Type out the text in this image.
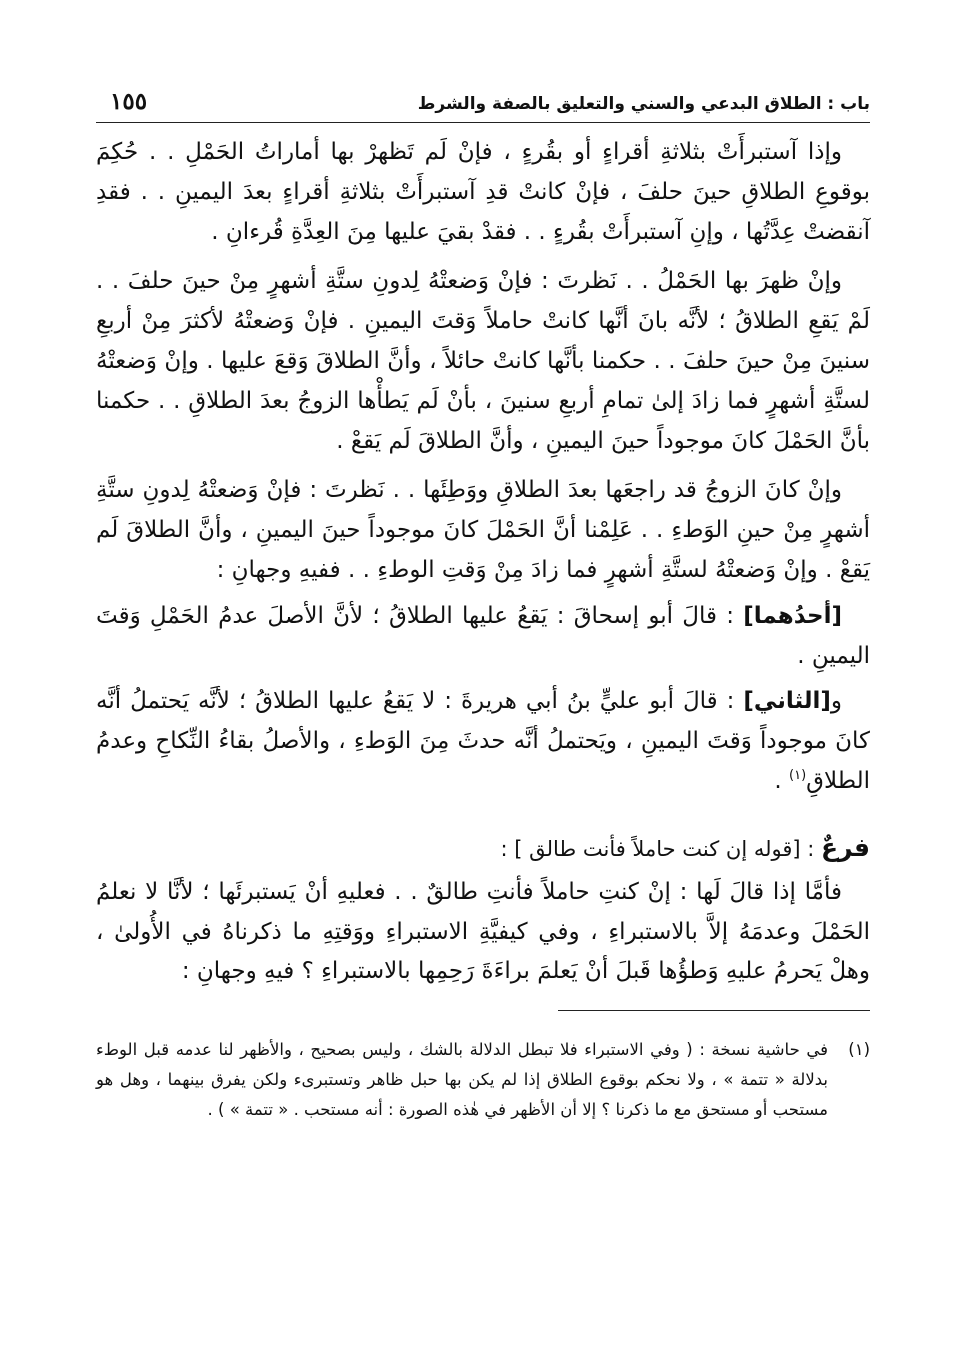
باب : الطلاق البدعي والسني والتعليق بالصفة والشرط
١٥٥

وإذا آستبرأَتْ بثلاثةِ أقراءٍ أو بقُرءٍ ، فإنْ لَم تَظهرْ بها أماراتُ الحَمْلِ . . حُكِمَ بوقوعِ الطلاقِ حينَ حلفَ ، فإنْ كانتْ قدِ آستبرأَتْ بثلاثةِ أقراءٍ بعدَ اليمينِ . . فقدِ آنقضتْ عِدَّتُها ، وإنِ آستبرأَتْ بقُرءٍ . . فقدْ بقيَ عليها مِنَ العِدَّةِ قُرءانِ .

وإنْ ظهرَ بها الحَمْلُ . . نَظرتَ : فإنْ وَضعتْهُ لِدونِ ستَّةِ أشهرٍ مِنْ حينَ حلفَ . . لَمْ يَقعِ الطلاقُ ؛ لأنَّه بانَ أنَّها كانتْ حاملاً وَقتَ اليمينِ . فإنْ وَضعتْهُ لأكثرَ مِنْ أربعِ سنينَ مِنْ حينَ حلفَ . . حكمنا بأنَّها كانتْ حائلاً ، وأنَّ الطلاقَ وَقعَ عليها . وإنْ وَضعتْهُ لستَّةِ أشهرٍ فما زادَ إلىٰ تمامِ أربعِ سنينَ ، بأنْ لَم يَطأْها الزوجُ بعدَ الطلاقِ . . حكمنا بأنَّ الحَمْلَ كانَ موجوداً حينَ اليمينِ ، وأنَّ الطلاقَ لَم يَقعْ .

وإنْ كانَ الزوجُ قد راجعَها بعدَ الطلاقِ ووَطِئَها . . نَظرتَ : فإنْ وَضعتْهُ لِدونِ ستَّةِ أشهرٍ مِنْ حينِ الوَطءِ . . عَلِمْنا أنَّ الحَمْلَ كانَ موجوداً حينَ اليمينِ ، وأنَّ الطلاقَ لَم يَقعْ . وإنْ وَضعتْهُ لستَّةِ أشهرٍ فما زادَ مِنْ وَقتِ الوطءِ . . ففيهِ وجهانِ :

[أحدُهما] : قالَ أبو إسحاقَ : يَقعُ عليها الطلاقُ ؛ لأنَّ الأصلَ عدمُ الحَمْلِ وَقتَ اليمينِ .

و[الثاني] : قالَ أبو عليٍّ بنُ أبي هريرةَ : لا يَقعُ عليها الطلاقُ ؛ لأنَّه يَحتملُ أنَّه كانَ موجوداً وَقتَ اليمينِ ، ويَحتملُ أنَّه حدثَ مِنَ الوَطءِ ، والأصلُ بقاءُ النِّكاحِ وعدمُ الطلاقِ$^{(١)}$ .

فرعٌ : [قوله إن كنت حاملاً فأنت طالق ] :

فأمَّا إذا قالَ لَها : إنْ كنتِ حاملاً فأنتِ طالقٌ . . فعليهِ أنْ يَستبرئَها ؛ لأنَّا لا نعلمُ الحَمْلَ وعدمَهُ إلاَّ بالاستبراءِ ، وفي كيفيَّةِ الاستبراءِ ووَقتِهِ ما ذكرناهُ في الأُولىٰ ، وهلْ يَحرمُ عليهِ وَطؤُها قَبلَ أنْ يَعلمَ براءَةَ رَحِمِها بالاستبراءِ ؟ فيهِ وجهانِ :

(١)
في حاشية نسخة : ( وفي الاستبراء فلا تبطل الدلالة بالشك ، وليس بصحيح ، والأظهر لنا عدمه قبل الوطء بدلالة « تتمة » ، ولا نحكم بوقوع الطلاق إذا لم يكن بها حبل ظاهر وتستبرىء ولكن يفرق بينهما ، وهل هو مستحب أو مستحق مع ما ذكرنا ؟ إلا أن الأظهر في هٰذه الصورة : أنه مستحب . « تتمة » ) .
